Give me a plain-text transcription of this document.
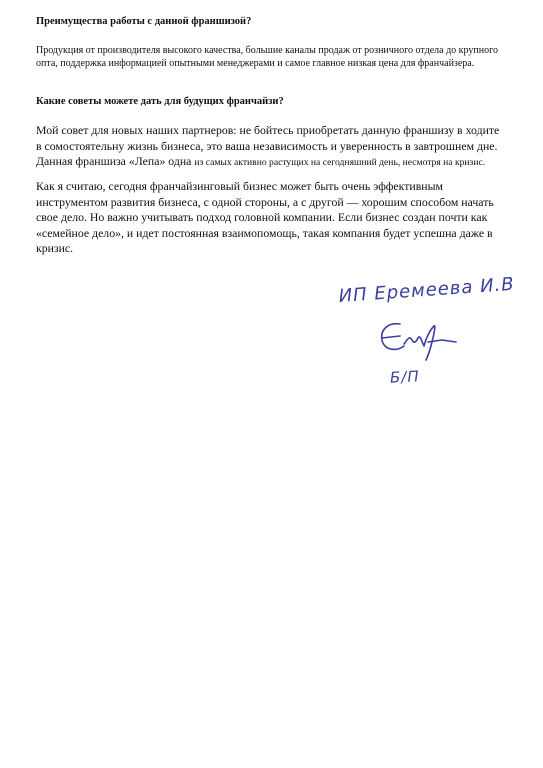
Преимущества работы с данной франшизой?
Продукция от производителя высокого качества, большие каналы продаж от розничного отдела до крупного опта, поддержка информацией опытными менеджерами и самое главное низкая цена для франчайзера.
Какие советы можете дать для будущих франчайзи?
Мой совет для новых наших партнеров: не бойтесь приобретать данную франшизу в ходите в сомостоятельну жизнь бизнеса, это ваша независимость и уверенность в завтрошнем дне. Данная франшиза «Лепа» одна из самых активно растущих на сегодняшний день, несмотря на кризис.
Как я считаю, сегодня франчайзинговый бизнес может быть очень эффективным инструментом развития бизнеса, с одной стороны, а с другой — хорошим способом начать свое дело. Но важно учитывать подход головной компании. Если бизнес создан почти как «семейное дело», и идет постоянная взаимопомощь, такая компания будет успешна даже в кризис.
ИП Еремеева И.В
Б/П
